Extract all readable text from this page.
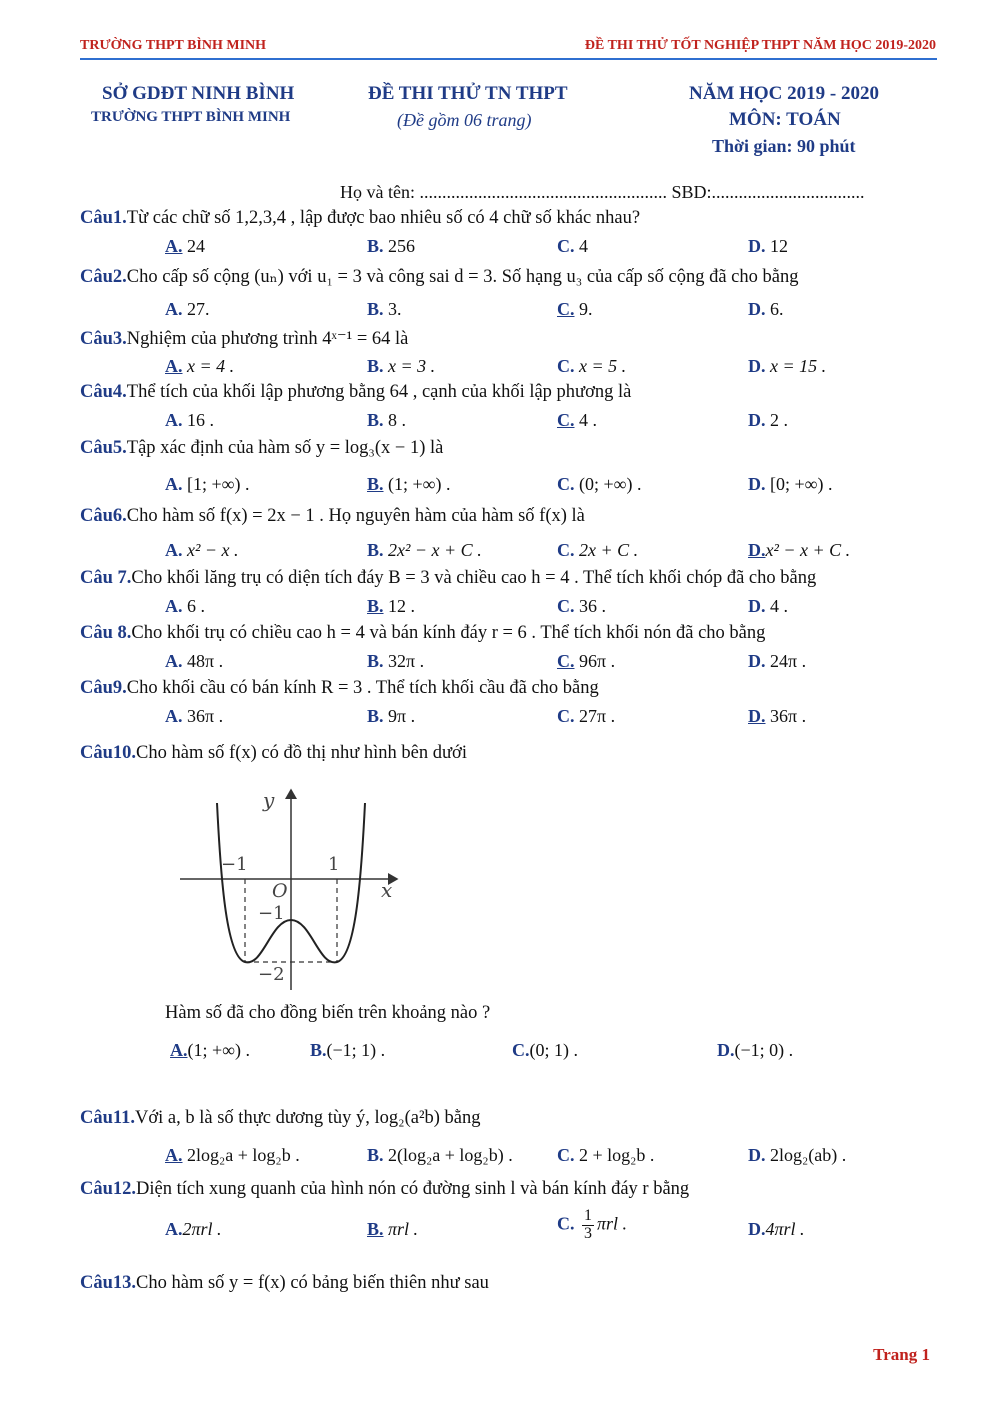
TRƯỜNG THPT BÌNH MINH	ĐỀ THI THỬ TỐT NGHIỆP THPT NĂM HỌC 2019-2020
SỞ GDĐT NINH BÌNH
TRƯỜNG THPT BÌNH MINH
ĐỀ THI THỬ TN THPT
(Đề gồm 06 trang)
NĂM HỌC 2019 - 2020
MÔN: TOÁN
Thời gian: 90 phút
Họ và tên: ....................................................... SBD:..................................
Câu1.Từ các chữ số 1,2,3,4 , lập được bao nhiêu số có 4 chữ số khác nhau?
A. 24	B. 256	C. 4	D. 12
Câu2.Cho cấp số cộng (uₙ) với u₁ = 3 và công sai d = 3. Số hạng u₃ của cấp số cộng đã cho bằng
A. 27.	B. 3.	C. 9.	D. 6.
Câu3.Nghiệm của phương trình 4ˣ⁻¹ = 64 là
A. x = 4 .	B. x = 3 .	C. x = 5 .	D. x = 15 .
Câu4.Thể tích của khối lập phương bằng 64 , cạnh của khối lập phương là
A. 16 .	B. 8 .	C. 4 .	D. 2 .
Câu5.Tập xác định của hàm số y = log₃(x − 1) là
A. [1; +∞) .	B. (1; +∞) .	C. (0; +∞) .	D. [0; +∞) .
Câu6.Cho hàm số f(x) = 2x − 1 . Họ nguyên hàm của hàm số f(x) là
A. x² − x .	B. 2x² − x + C .	C. 2x + C .	D.x² − x + C .
Câu 7.Cho khối lăng trụ có diện tích đáy B = 3 và chiều cao h = 4 . Thể tích khối chóp đã cho bằng
A. 6 .	B. 12 .	C. 36 .	D. 4 .
Câu 8.Cho khối trụ có chiều cao h = 4 và bán kính đáy r = 6 . Thể tích khối nón đã cho bằng
A. 48π .	B. 32π .	C. 96π .	D. 24π .
Câu9.Cho khối cầu có bán kính R = 3 . Thể tích khối cầu đã cho bằng
A. 36π .	B. 9π .	C. 27π .	D. 36π .
Câu10.Cho hàm số f(x) có đồ thị như hình bên dưới
y
x
O
−1	1
−1
−2
Hàm số đã cho đồng biến trên khoảng nào ?
A.(1; +∞) .	B.(−1; 1) .	C.(0; 1) .	D.(−1; 0) .
Câu11.Với a, b là số thực dương tùy ý, log₂(a²b) bằng
A. 2log₂a + log₂b .	B. 2(log₂a + log₂b) . C. 2 + log₂b .	D. 2log₂(ab) .
Câu12.Diện tích xung quanh của hình nón có đường sinh l và bán kính đáy r bằng
A.2πrl .	B. πrl .	C. $\frac{1}{3}$ πrl .	D.4πrl .
Câu13.Cho hàm số y = f(x) có bảng biến thiên như sau
Trang 1
